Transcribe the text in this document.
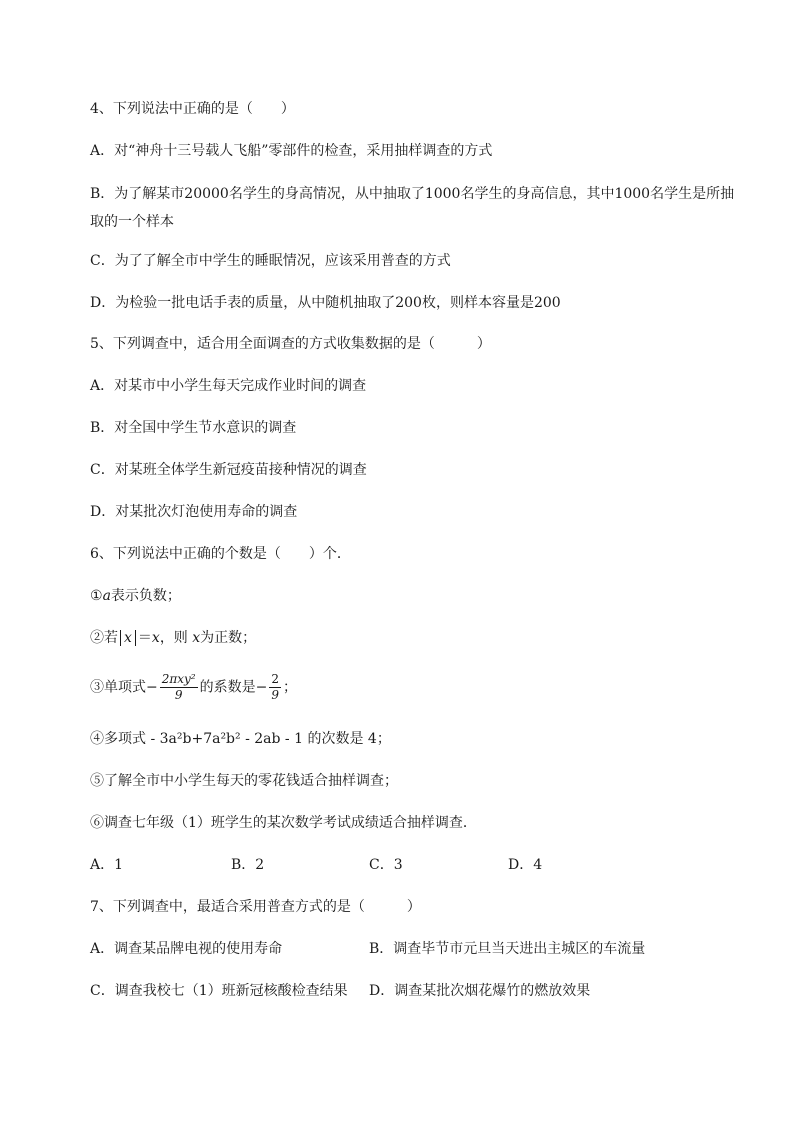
4、下列说法中正确的是（　　）
A．对“神舟十三号载人飞船”零部件的检查，采用抽样调查的方式
B．为了解某市20000名学生的身高情况，从中抽取了1000名学生的身高信息，其中1000名学生是所抽取的一个样本
C．为了了解全市中学生的睡眠情况，应该采用普查的方式
D．为检验一批电话手表的质量，从中随机抽取了200枚，则样本容量是200
5、下列调查中，适合用全面调查的方式收集数据的是（　　　）
A．对某市中小学生每天完成作业时间的调查
B．对全国中学生节水意识的调查
C．对某班全体学生新冠疫苗接种情况的调查
D．对某批次灯泡使用寿命的调查
6、下列说法中正确的个数是（　　）个．
①a表示负数；
②若 x ＝x，则 x为正数；
③单项式− $\frac{\text{2πxy²}}{9}$ 的系数是− $\frac{2}{9}$ ；
④多项式 - 3a²b+7a²b² - 2ab - 1 的次数是 4；
⑤了解全市中小学生每天的零花钱适合抽样调查；
⑥调查七年级（1）班学生的某次数学考试成绩适合抽样调查．
A．1	B．2	C．3	D．4
7、下列调查中，最适合采用普查方式的是（　　　）
A．调查某品牌电视的使用寿命	B．调查毕节市元旦当天进出主城区的车流量
C．调查我校七（1）班新冠核酸检查结果 D．调查某批次烟花爆竹的燃放效果
